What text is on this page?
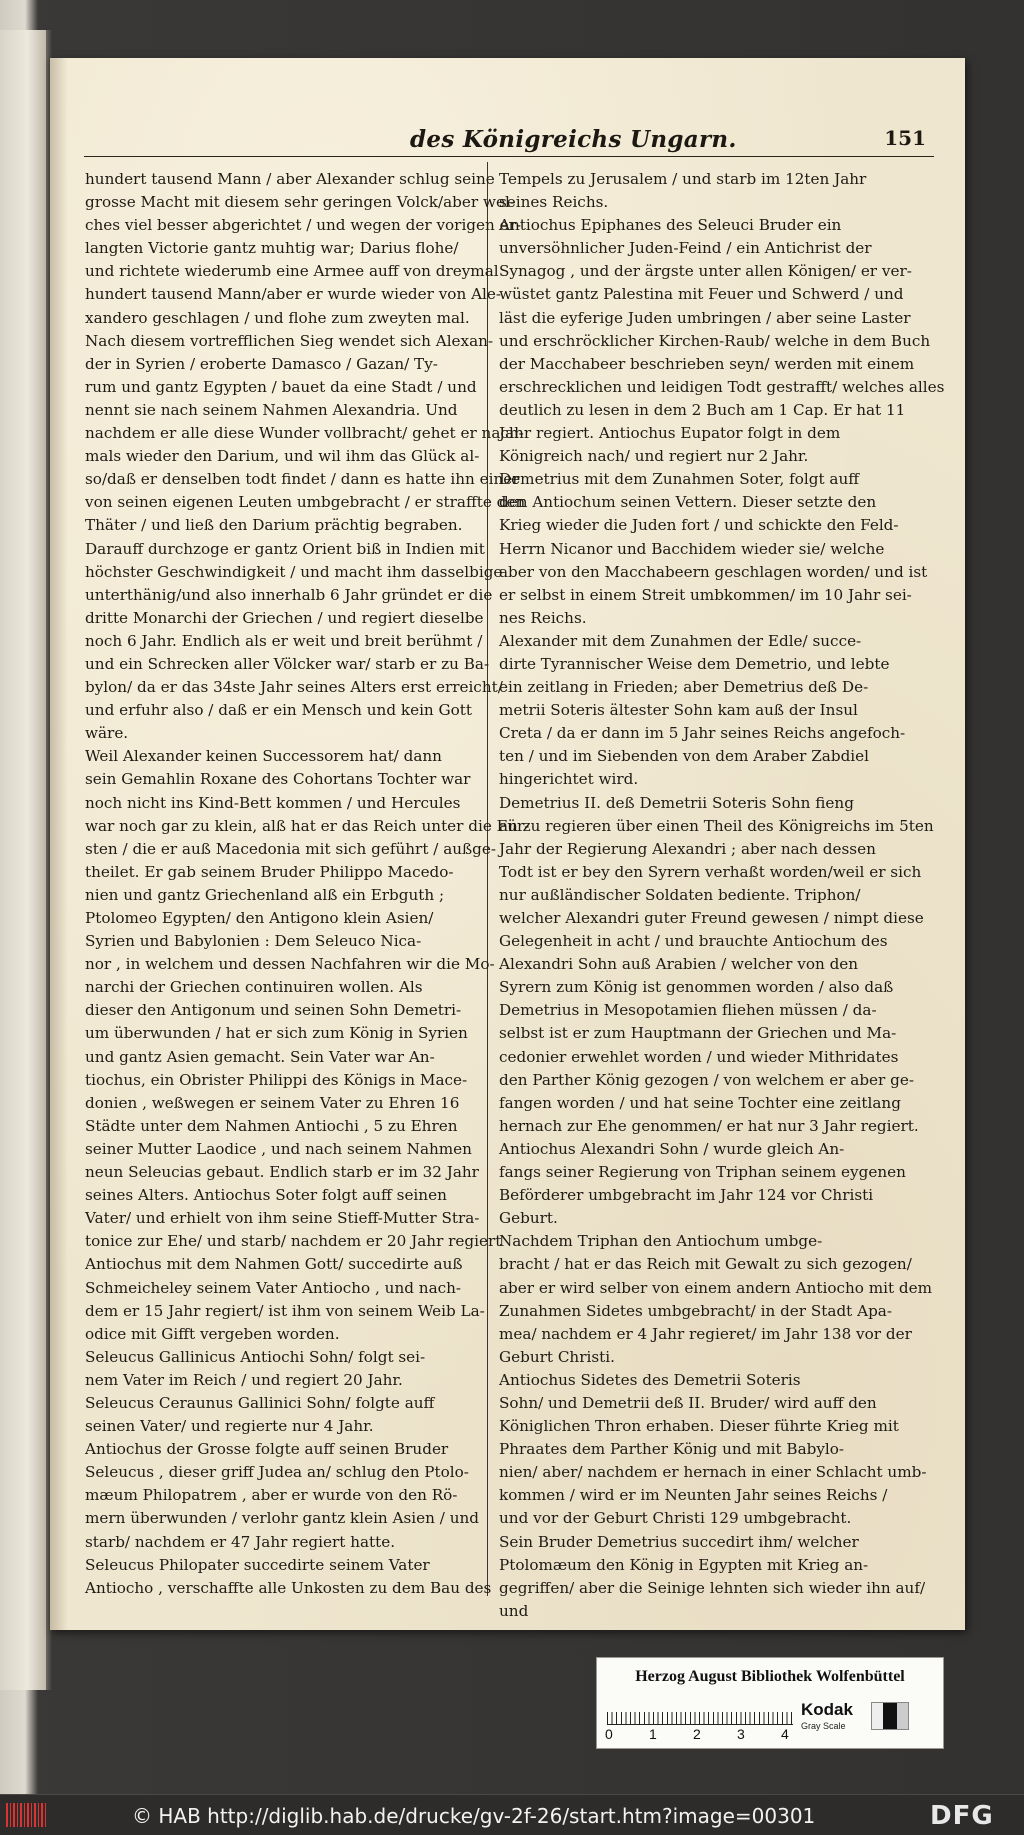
des Königreichs Ungarn.	151
hundert tausend Mann / aber Alexander schlug seine
grosse Macht mit diesem sehr geringen Volck/aber wel-
ches viel besser abgerichtet / und wegen der vorigen er-
langten Victorie gantz muhtig war; Darius flohe/
und richtete wiederumb eine Armee auff von dreymal
hundert tausend Mann/aber er wurde wieder von Ale-
xandero geschlagen / und flohe zum zweyten mal.
Nach diesem vortrefflichen Sieg wendet sich Alexan-
der in Syrien / eroberte Damasco / Gazan/ Ty-
rum und gantz Egypten / bauet da eine Stadt / und
nennt sie nach seinem Nahmen Alexandria. Und
nachdem er alle diese Wunder vollbracht/ gehet er nach-
mals wieder den Darium, und wil ihm das Glück al-
so/daß er denselben todt findet / dann es hatte ihn einer
von seinen eigenen Leuten umbgebracht / er straffte den
Thäter / und ließ den Darium prächtig begraben.
Darauff durchzoge er gantz Orient biß in Indien mit
höchster Geschwindigkeit / und macht ihm dasselbige
unterthänig/und also innerhalb 6 Jahr gründet er die
dritte Monarchi der Griechen / und regiert dieselbe
noch 6 Jahr. Endlich als er weit und breit berühmt /
und ein Schrecken aller Völcker war/ starb er zu Ba-
bylon/ da er das 34ste Jahr seines Alters erst erreicht/
und erfuhr also / daß er ein Mensch und kein Gott
wäre.
Weil Alexander keinen Successorem hat/ dann
sein Gemahlin Roxane des Cohortans Tochter war
noch nicht ins Kind-Bett kommen / und Hercules
war noch gar zu klein, alß hat er das Reich unter die Für-
sten / die er auß Macedonia mit sich geführt / außge-
theilet. Er gab seinem Bruder Philippo Macedo-
nien und gantz Griechenland alß ein Erbguth ;
Ptolomeo Egypten/ den Antigono klein Asien/
Syrien und Babylonien : Dem Seleuco Nica-
nor , in welchem und dessen Nachfahren wir die Mo-
narchi der Griechen continuiren wollen. Als
dieser den Antigonum und seinen Sohn Demetri-
um überwunden / hat er sich zum König in Syrien
und gantz Asien gemacht. Sein Vater war An-
tiochus, ein Obrister Philippi des Königs in Mace-
donien , weßwegen er seinem Vater zu Ehren 16
Städte unter dem Nahmen Antiochi , 5 zu Ehren
seiner Mutter Laodice , und nach seinem Nahmen
neun Seleucias gebaut. Endlich starb er im 32 Jahr
seines Alters. Antiochus Soter folgt auff seinen
Vater/ und erhielt von ihm seine Stieff-Mutter Stra-
tonice zur Ehe/ und starb/ nachdem er 20 Jahr regiert
Antiochus mit dem Nahmen Gott/ succedirte auß
Schmeicheley seinem Vater Antiocho , und nach-
dem er 15 Jahr regiert/ ist ihm von seinem Weib La-
odice mit Gifft vergeben worden.
Seleucus Gallinicus Antiochi Sohn/ folgt sei-
nem Vater im Reich / und regiert 20 Jahr.
Seleucus Ceraunus Gallinici Sohn/ folgte auff
seinen Vater/ und regierte nur 4 Jahr.
Antiochus der Grosse folgte auff seinen Bruder
Seleucus , dieser griff Judea an/ schlug den Ptolo-
mæum Philopatrem , aber er wurde von den Rö-
mern überwunden / verlohr gantz klein Asien / und
starb/ nachdem er 47 Jahr regiert hatte.
Seleucus Philopater succedirte seinem Vater
Antiocho , verschaffte alle Unkosten zu dem Bau des
Tempels zu Jerusalem / und starb im 12ten Jahr
seines Reichs.
Antiochus Epiphanes des Seleuci Bruder ein
unversöhnlicher Juden-Feind / ein Antichrist der
Synagog , und der ärgste unter allen Königen/ er ver-
wüstet gantz Palestina mit Feuer und Schwerd / und
läst die eyferige Juden umbringen / aber seine Laster
und erschröcklicher Kirchen-Raub/ welche in dem Buch
der Macchabeer beschrieben seyn/ werden mit einem
erschrecklichen und leidigen Todt gestrafft/ welches alles
deutlich zu lesen in dem 2 Buch am 1 Cap. Er hat 11
Jahr regiert. Antiochus Eupator folgt in dem
Königreich nach/ und regiert nur 2 Jahr.
Demetrius mit dem Zunahmen Soter, folgt auff
den Antiochum seinen Vettern. Dieser setzte den
Krieg wieder die Juden fort / und schickte den Feld-
Herrn Nicanor und Bacchidem wieder sie/ welche
aber von den Macchabeern geschlagen worden/ und ist
er selbst in einem Streit umbkommen/ im 10 Jahr sei-
nes Reichs.
Alexander mit dem Zunahmen der Edle/ succe-
dirte Tyrannischer Weise dem Demetrio, und lebte
ein zeitlang in Frieden; aber Demetrius deß De-
metrii Soteris ältester Sohn kam auß der Insul
Creta / da er dann im 5 Jahr seines Reichs angefoch-
ten / und im Siebenden von dem Araber Zabdiel
hingerichtet wird.
Demetrius II. deß Demetrii Soteris Sohn fieng
an zu regieren über einen Theil des Königreichs im 5ten
Jahr der Regierung Alexandri ; aber nach dessen
Todt ist er bey den Syrern verhaßt worden/weil er sich
nur außländischer Soldaten bediente. Triphon/
welcher Alexandri guter Freund gewesen / nimpt diese
Gelegenheit in acht / und brauchte Antiochum des
Alexandri Sohn auß Arabien / welcher von den
Syrern zum König ist genommen worden / also daß
Demetrius in Mesopotamien fliehen müssen / da-
selbst ist er zum Hauptmann der Griechen und Ma-
cedonier erwehlet worden / und wieder Mithridates
den Parther König gezogen / von welchem er aber ge-
fangen worden / und hat seine Tochter eine zeitlang
hernach zur Ehe genommen/ er hat nur 3 Jahr regiert.
Antiochus Alexandri Sohn / wurde gleich An-
fangs seiner Regierung von Triphan seinem eygenen
Beförderer umbgebracht im Jahr 124 vor Christi
Geburt.
Nachdem Triphan den Antiochum umbge-
bracht / hat er das Reich mit Gewalt zu sich gezogen/
aber er wird selber von einem andern Antiocho mit dem
Zunahmen Sidetes umbgebracht/ in der Stadt Apa-
mea/ nachdem er 4 Jahr regieret/ im Jahr 138 vor der
Geburt Christi.
Antiochus Sidetes des Demetrii Soteris
Sohn/ und Demetrii deß II. Bruder/ wird auff den
Königlichen Thron erhaben. Dieser führte Krieg mit
Phraates dem Parther König und mit Babylo-
nien/ aber/ nachdem er hernach in einer Schlacht umb-
kommen / wird er im Neunten Jahr seines Reichs /
und vor der Geburt Christi 129 umbgebracht.
Sein Bruder Demetrius succedirt ihm/ welcher
Ptolomæum den König in Egypten mit Krieg an-
gegriffen/ aber die Seinige lehnten sich wieder ihn auf/
und
Herzog August Bibliothek Wolfenbüttel
0	1	2	3	4
Kodak
Gray Scale
© HAB http://diglib.hab.de/drucke/gv-2f-26/start.htm?image=00301	DFG
